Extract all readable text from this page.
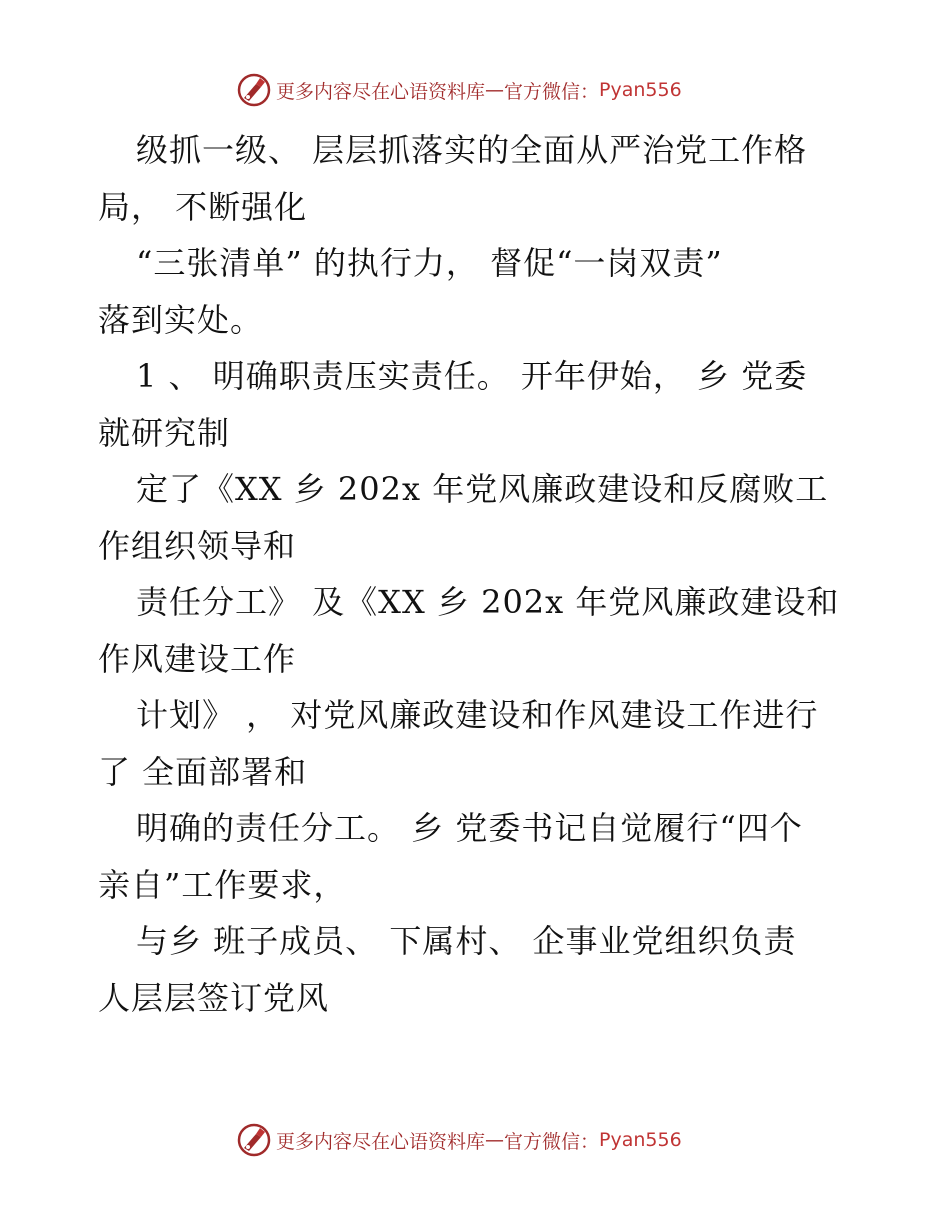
更多内容尽在心语资料库 — 官方微信： Pyan556
级抓一级、 层层抓落实的全面从严治党工作格
局， 不断强化
“三张清单” 的执行力， 督促“一岗双责”
落到实处。
1 、 明确职责压实责任。 开年伊始， 乡 党委
就研究制
定了《XX 乡 202x 年党风廉政建设和反腐败工
作组织领导和
责任分工》 及《XX 乡 202x 年党风廉政建设和
作风建设工作
计划》 ， 对党风廉政建设和作风建设工作进行
了 全面部署和
明确的责任分工。 乡 党委书记自觉履行“四个
亲自”工作要求，
与乡 班子成员、 下属村、 企事业党组织负责
人层层签订党风
更多内容尽在心语资料库 — 官方微信： Pyan556
